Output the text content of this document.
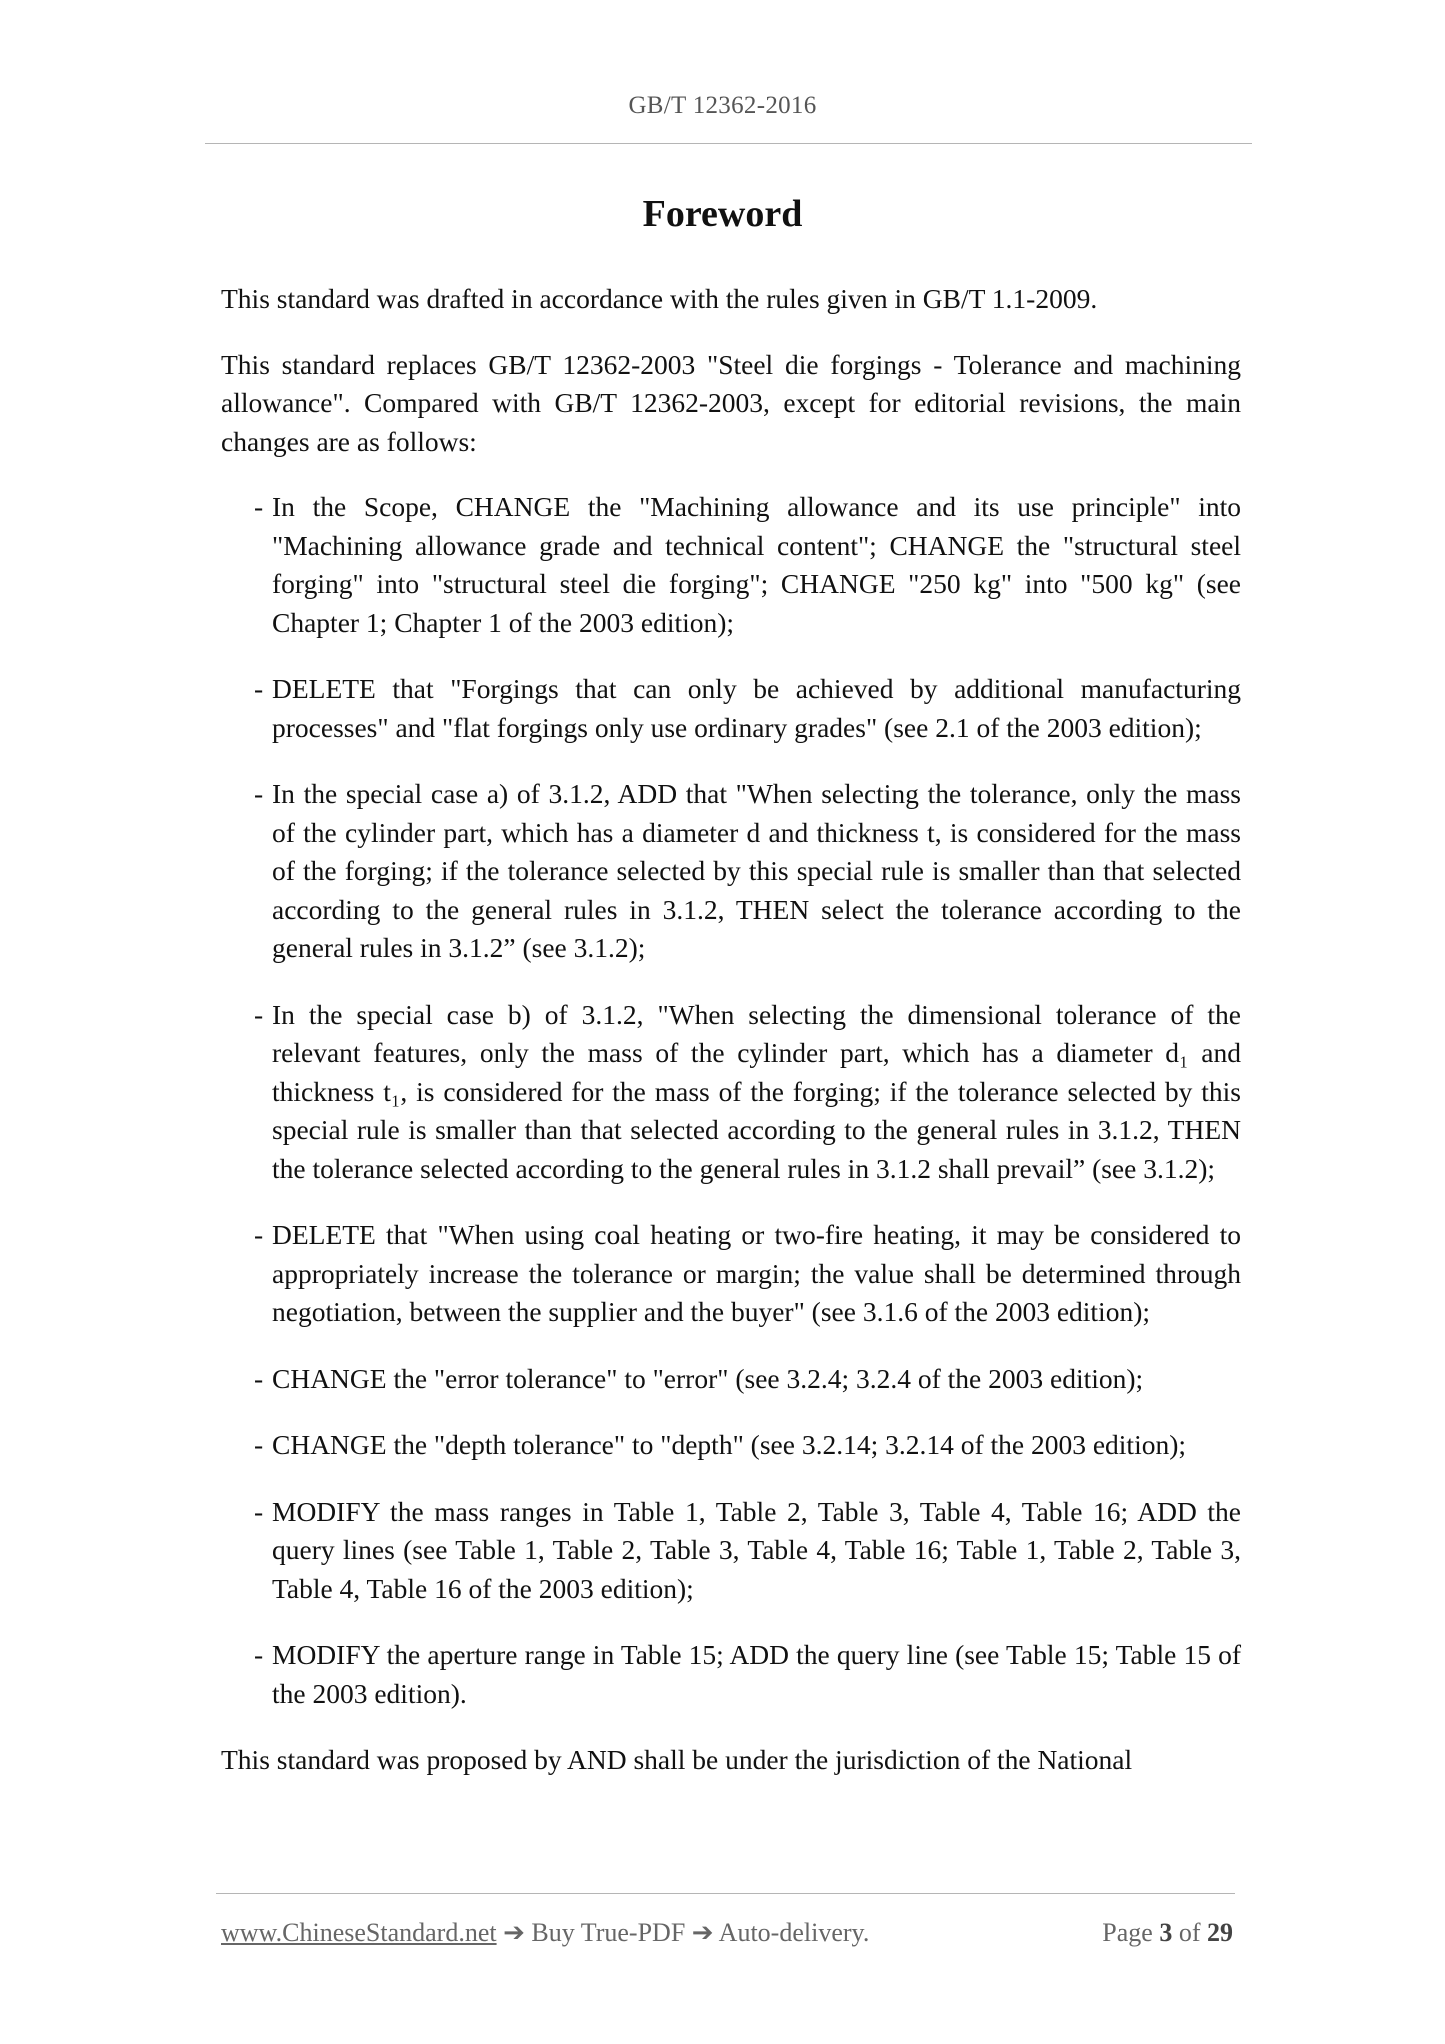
GB/T 12362-2016
Foreword

This standard was drafted in accordance with the rules given in GB/T 1.1-2009.

This standard replaces GB/T 12362-2003 "Steel die forgings - Tolerance and machining allowance". Compared with GB/T 12362-2003, except for editorial revisions, the main changes are as follows:

- In the Scope, CHANGE the "Machining allowance and its use principle" into "Machining allowance grade and technical content"; CHANGE the "structural steel forging" into "structural steel die forging"; CHANGE "250 kg" into "500 kg" (see Chapter 1; Chapter 1 of the 2003 edition);
- DELETE that "Forgings that can only be achieved by additional manufacturing processes" and "flat forgings only use ordinary grades" (see 2.1 of the 2003 edition);
- In the special case a) of 3.1.2, ADD that "When selecting the tolerance, only the mass of the cylinder part, which has a diameter d and thickness t, is considered for the mass of the forging; if the tolerance selected by this special rule is smaller than that selected according to the general rules in 3.1.2, THEN select the tolerance according to the general rules in 3.1.2” (see 3.1.2);
- In the special case b) of 3.1.2, "When selecting the dimensional tolerance of the relevant features, only the mass of the cylinder part, which has a diameter d₁ and thickness t₁, is considered for the mass of the forging; if the tolerance selected by this special rule is smaller than that selected according to the general rules in 3.1.2, THEN the tolerance selected according to the general rules in 3.1.2 shall prevail” (see 3.1.2);
- DELETE that "When using coal heating or two-fire heating, it may be considered to appropriately increase the tolerance or margin; the value shall be determined through negotiation, between the supplier and the buyer" (see 3.1.6 of the 2003 edition);
- CHANGE the "error tolerance" to "error" (see 3.2.4; 3.2.4 of the 2003 edition);
- CHANGE the "depth tolerance" to "depth" (see 3.2.14; 3.2.14 of the 2003 edition);
- MODIFY the mass ranges in Table 1, Table 2, Table 3, Table 4, Table 16; ADD the query lines (see Table 1, Table 2, Table 3, Table 4, Table 16; Table 1, Table 2, Table 3, Table 4, Table 16 of the 2003 edition);
- MODIFY the aperture range in Table 15; ADD the query line (see Table 15; Table 15 of the 2003 edition).

This standard was proposed by AND shall be under the jurisdiction of the National

www.ChineseStandard.net ➔ Buy True-PDF ➔ Auto-delivery.	Page 3 of 29
